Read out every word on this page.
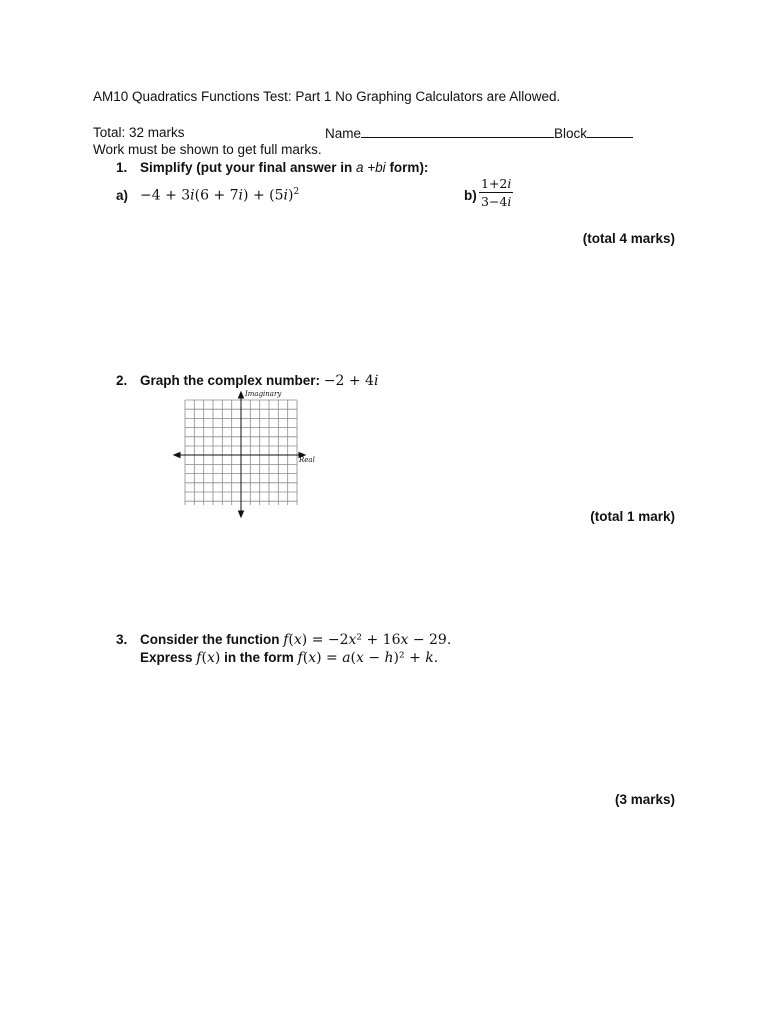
AM10 Quadratics Functions Test: Part 1 No Graphing Calculators are Allowed.
Total: 32 marks	Name	Block
Work must be shown to get full marks.
1. Simplify (put your final answer in a +bi form):
a) −4 + 3𝑖(6 + 7𝑖) + (5𝑖)$^2$	$b) \frac{\text{1+2𝑖}}{\text{3−4𝑖}}$
(total 4 marks)
2. Graph the complex number: −2 + 4𝑖
Imaginary
Real
(total 1 mark)
3. Consider the function 𝑓(𝑥) = −2𝑥² + 16𝑥 − 29.
Express 𝑓(𝑥) in the form 𝑓(𝑥) = 𝑎(𝑥 − ℎ)² + 𝑘.
(3 marks)
